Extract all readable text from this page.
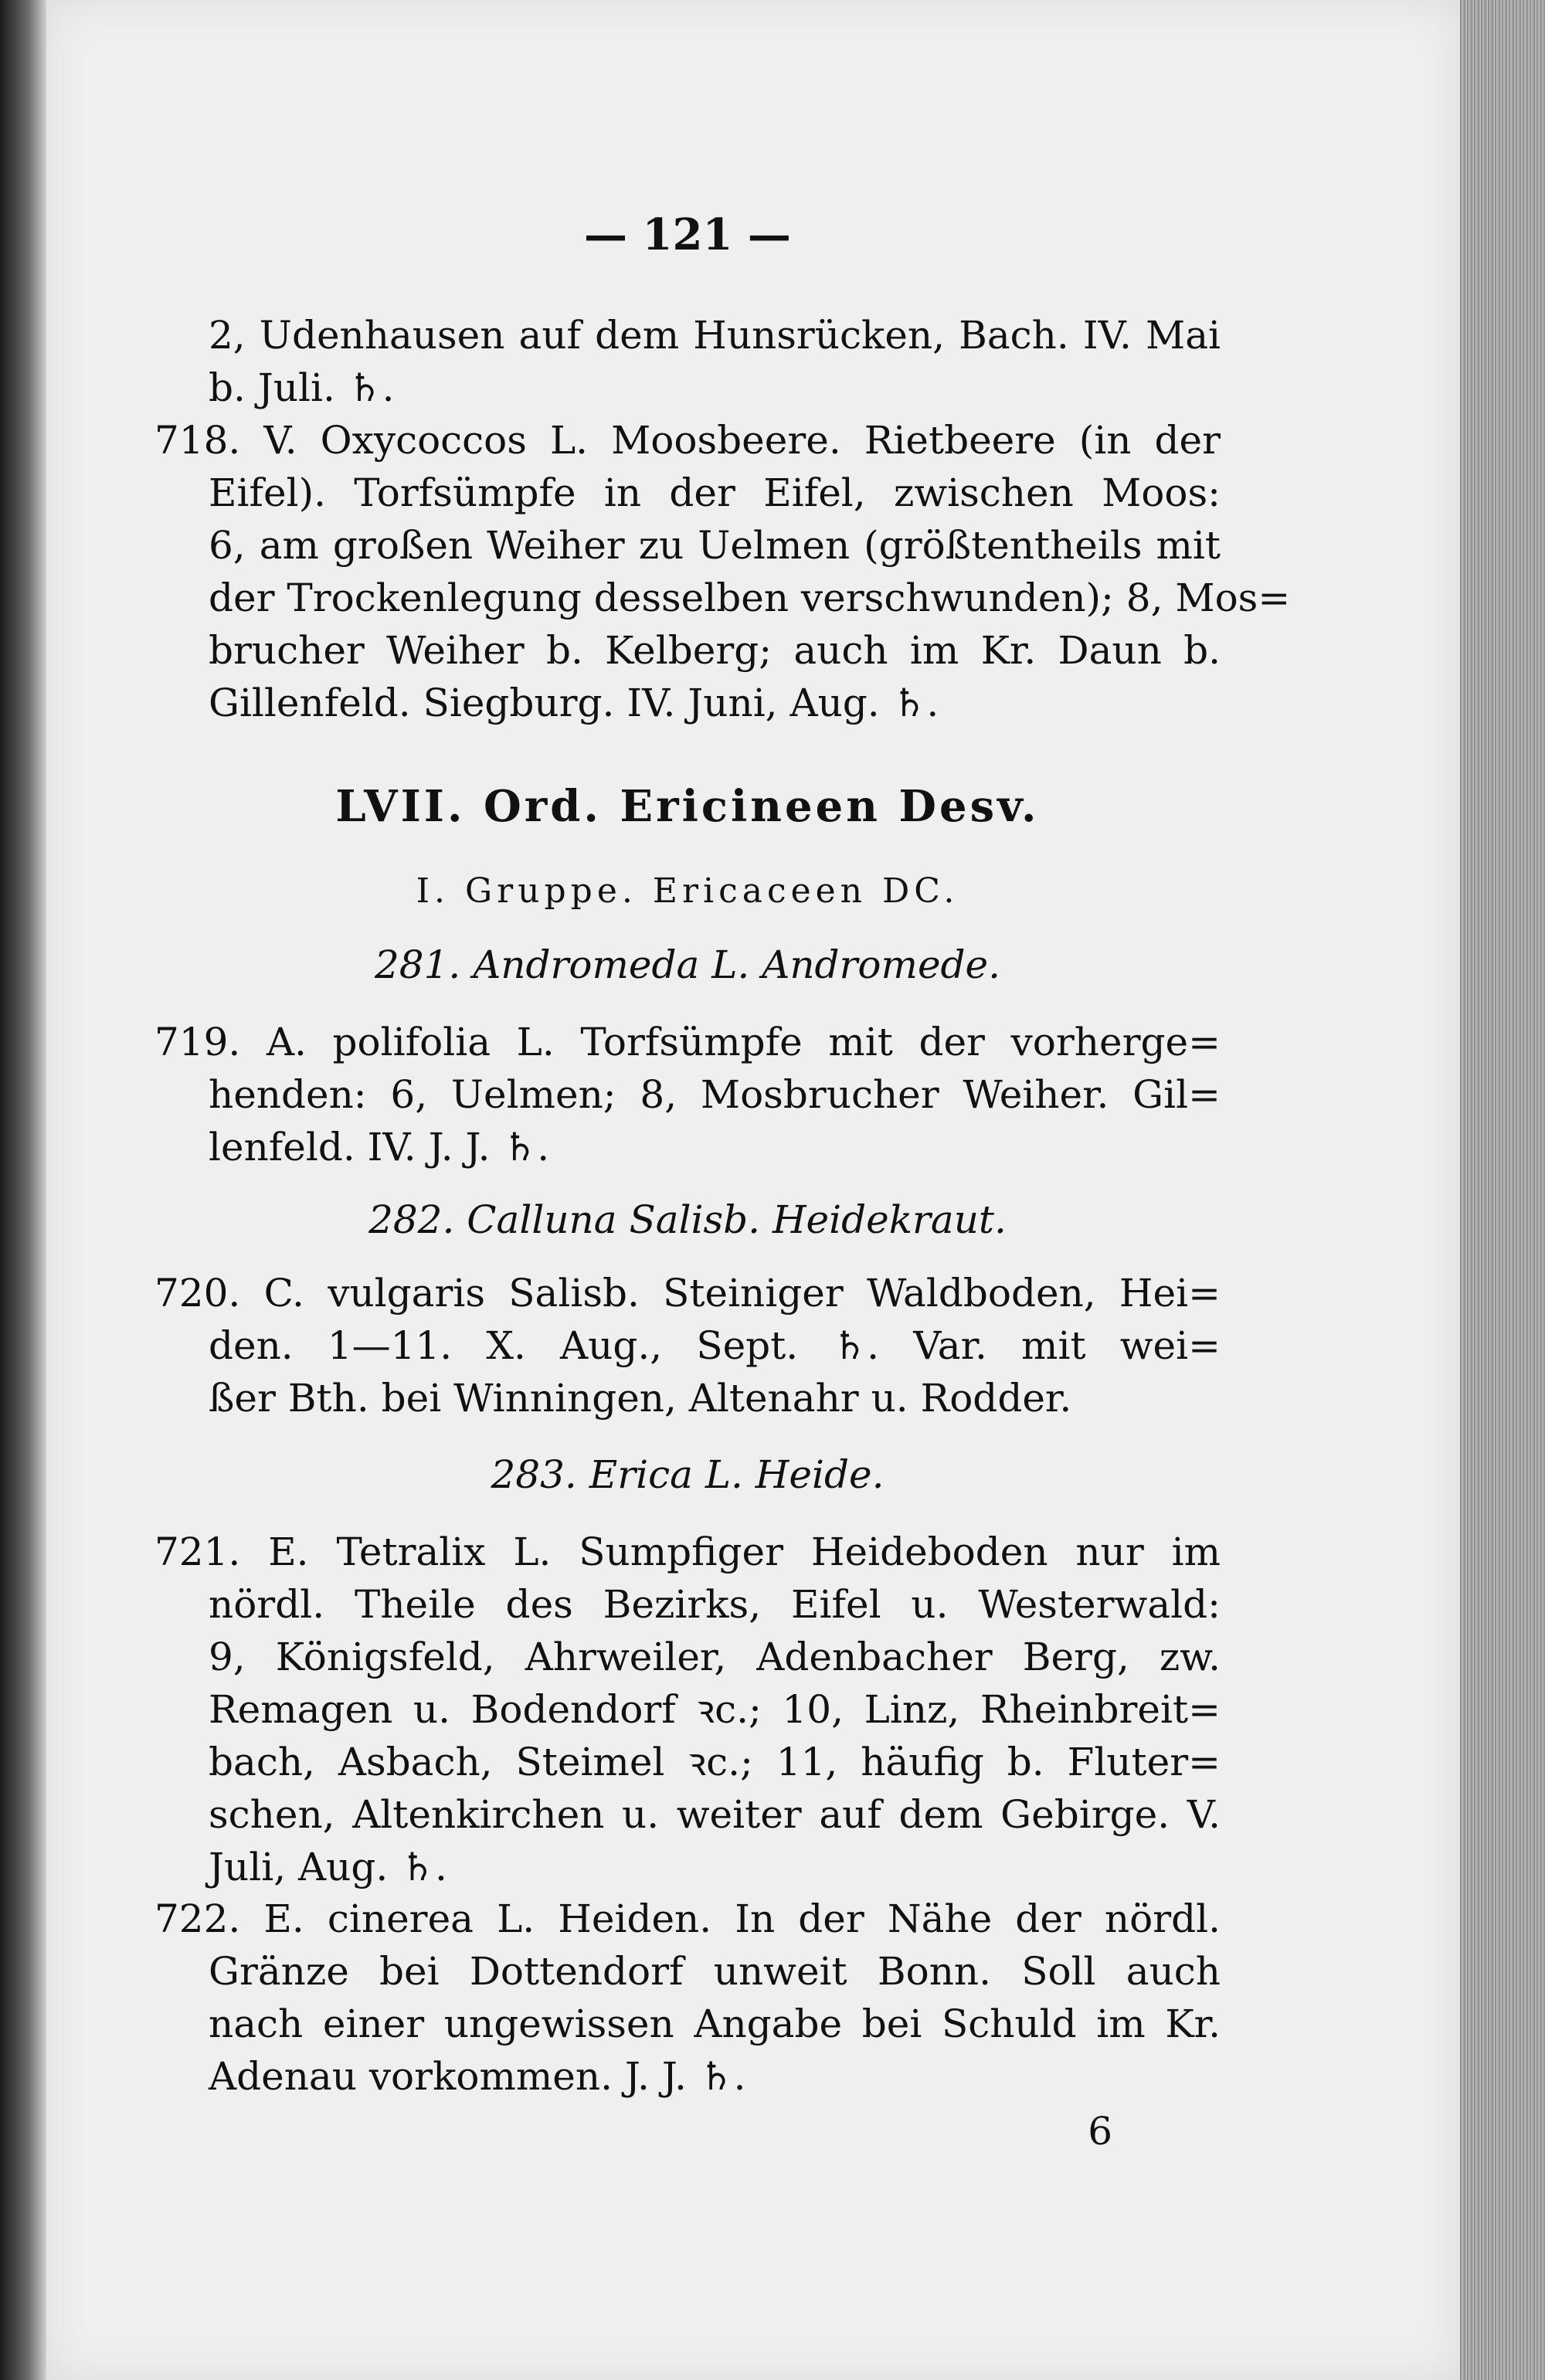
— 121 —
2, Udenhausen auf dem Hunsrücken, Bach. IV. Mai
b. Juli. ♄.
718. V. Oxycoccos L. Moosbeere. Rietbeere (in der
Eifel). Torfsümpfe in der Eifel, zwischen Moos:
6, am großen Weiher zu Uelmen (größtentheils mit
der Trockenlegung desselben verschwunden); 8, Mos=
brucher Weiher b. Kelberg; auch im Kr. Daun b.
Gillenfeld. Siegburg. IV. Juni, Aug. ♄.
LVII. Ord. Ericineen Desv.
I. Gruppe. Ericaceen DC.
281. Andromeda L. Andromede.
719. A. polifolia L. Torfsümpfe mit der vorherge=
henden: 6, Uelmen; 8, Mosbrucher Weiher. Gil=
lenfeld. IV. J. J. ♄.
282. Calluna Salisb. Heidekraut.
720. C. vulgaris Salisb. Steiniger Waldboden, Hei=
den. 1—11. X. Aug., Sept. ♄. Var. mit wei=
ßer Bth. bei Winningen, Altenahr u. Rodder.
283. Erica L. Heide.
721. E. Tetralix L. Sumpfiger Heideboden nur im
nördl. Theile des Bezirks, Eifel u. Westerwald:
9, Königsfeld, Ahrweiler, Adenbacher Berg, zw.
Remagen u. Bodendorf ꝛc.; 10, Linz, Rheinbreit=
bach, Asbach, Steimel ꝛc.; 11, häufig b. Fluter=
schen, Altenkirchen u. weiter auf dem Gebirge. V.
Juli, Aug. ♄.
722. E. cinerea L. Heiden. In der Nähe der nördl.
Gränze bei Dottendorf unweit Bonn. Soll auch
nach einer ungewissen Angabe bei Schuld im Kr.
Adenau vorkommen. J. J. ♄.
6
